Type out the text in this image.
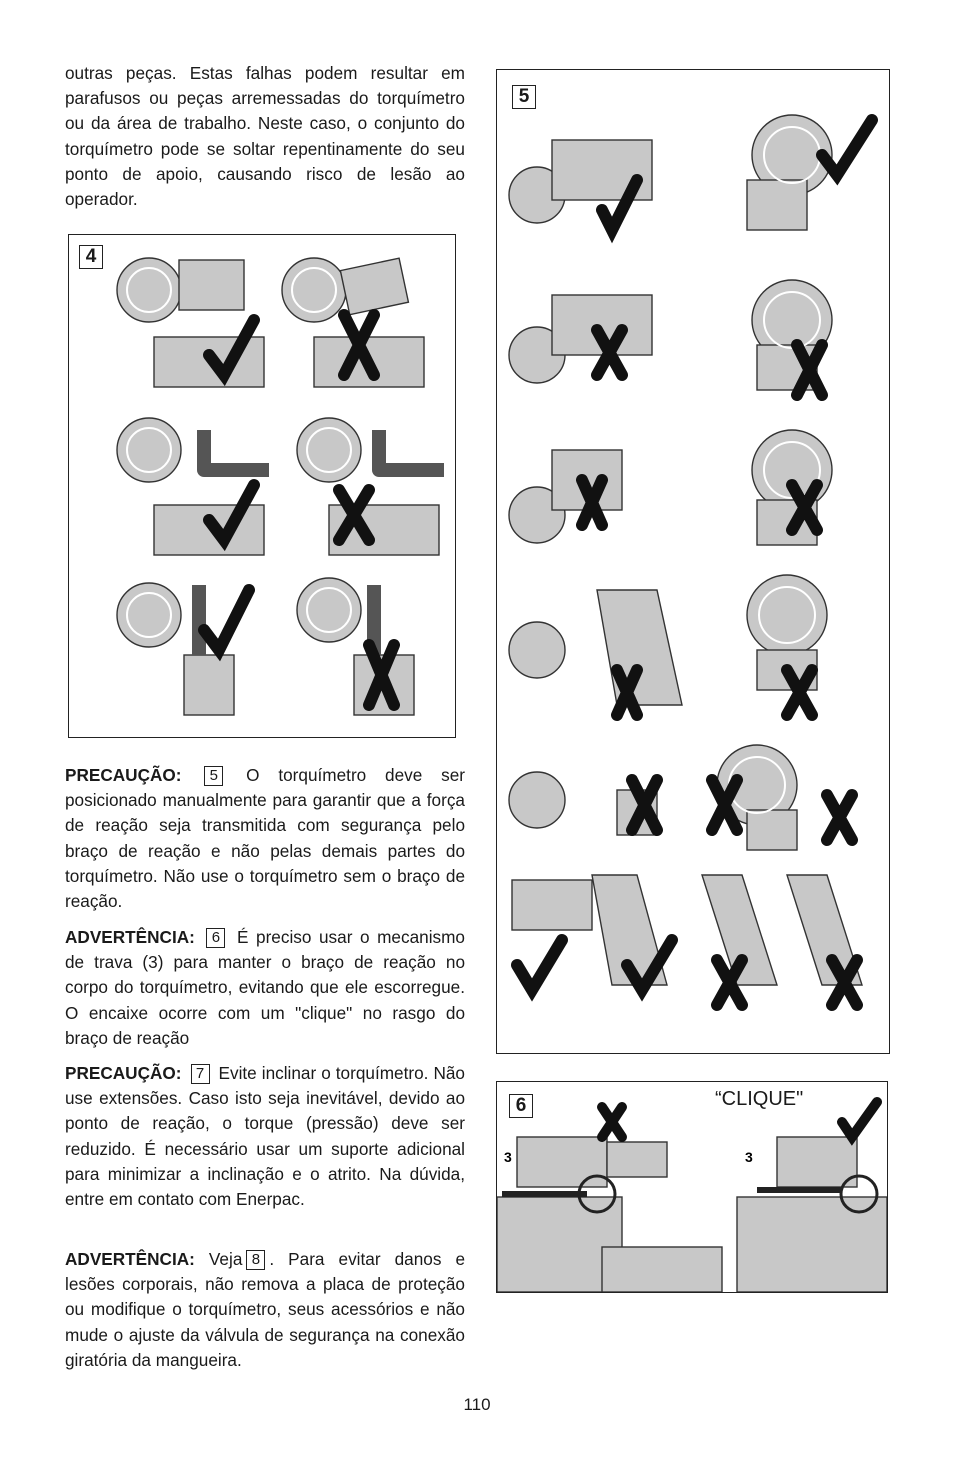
outras peças. Estas falhas podem resultar em parafusos ou peças arremessadas do torquímetro ou da área de trabalho. Neste caso, o conjunto do torquímetro pode se soltar repentinamente do seu ponto de apoio, causando risco de lesão ao operador.

4
5
3	3
6	“CLIQUE"

PRECAUÇÃO: 5 O torquímetro deve ser posicionado manualmente para garantir que a força de reação seja transmitida com segurança pelo braço de reação e não pelas demais partes do torquímetro. Não use o torquímetro sem o braço de reação.

ADVERTÊNCIA: 6 É preciso usar o mecanismo de trava (3) para manter o braço de reação no corpo do torquímetro, evitando que ele escorregue. O encaixe ocorre com um "clique" no rasgo do braço de reação

PRECAUÇÃO: 7 Evite inclinar o torquímetro. Não use extensões. Caso isto seja inevitável, devido ao ponto de reação, o torque (pressão) deve ser reduzido. É necessário usar um suporte adicional para minimizar a inclinação e o atrito. Na dúvida, entre em contato com Enerpac.

ADVERTÊNCIA: Veja 8 . Para evitar danos e lesões corporais, não remova a placa de proteção ou modifique o torquímetro, seus acessórios e não mude o ajuste da válvula de segurança na conexão giratória da mangueira.

110
